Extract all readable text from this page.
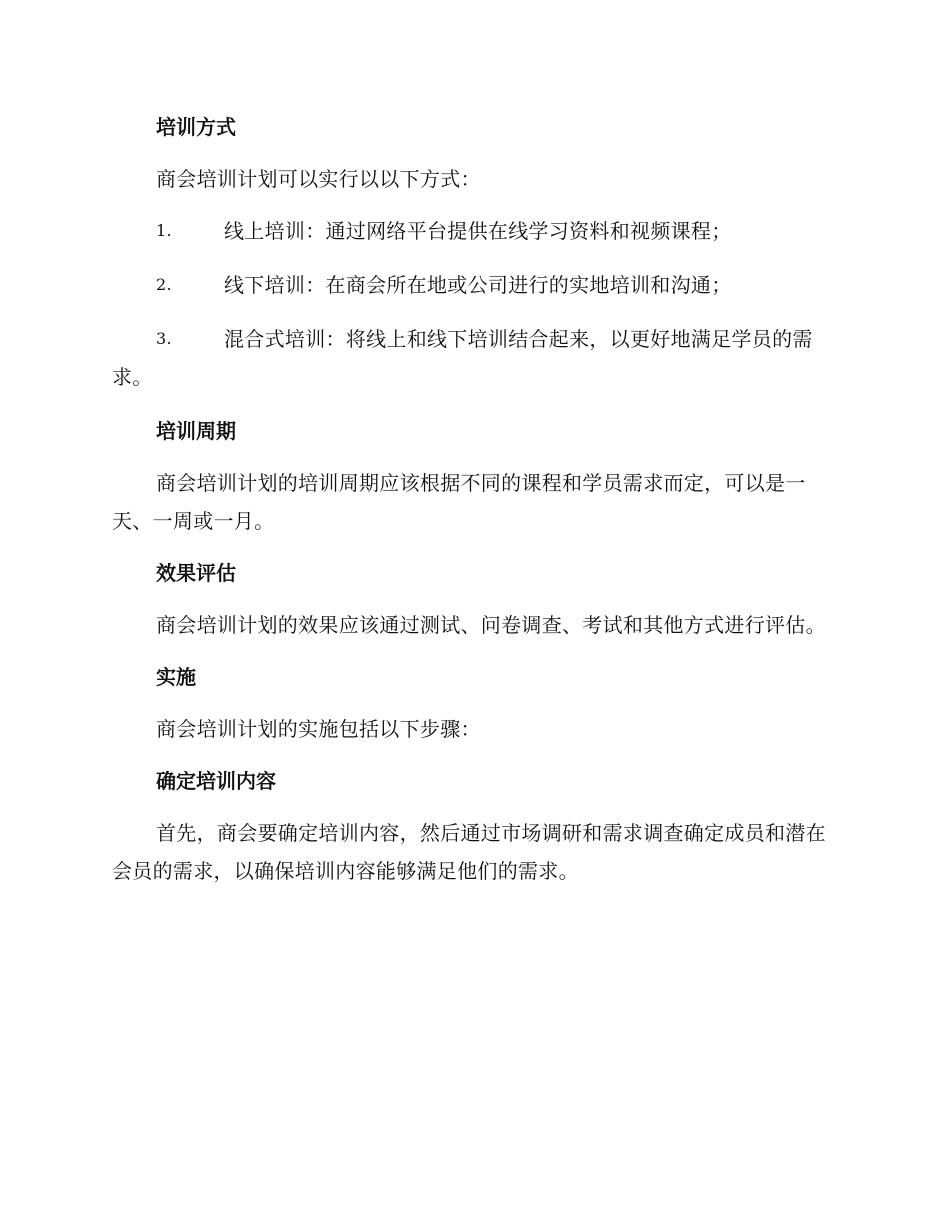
培训方式

商会培训计划可以实行以以下方式：

1.	线上培训：通过网络平台提供在线学习资料和视频课程；
2.	线下培训：在商会所在地或公司进行的实地培训和沟通；
3.	混合式培训：将线上和线下培训结合起来，以更好地满足学员的需求。
培训周期

商会培训计划的培训周期应该根据不同的课程和学员需求而定，可以是一天、一周或一月。

效果评估

商会培训计划的效果应该通过测试、问卷调查、考试和其他方式进行评估。

实施

商会培训计划的实施包括以下步骤：

确定培训内容

首先，商会要确定培训内容，然后通过市场调研和需求调查确定成员和潜在会员的需求，以确保培训内容能够满足他们的需求。
